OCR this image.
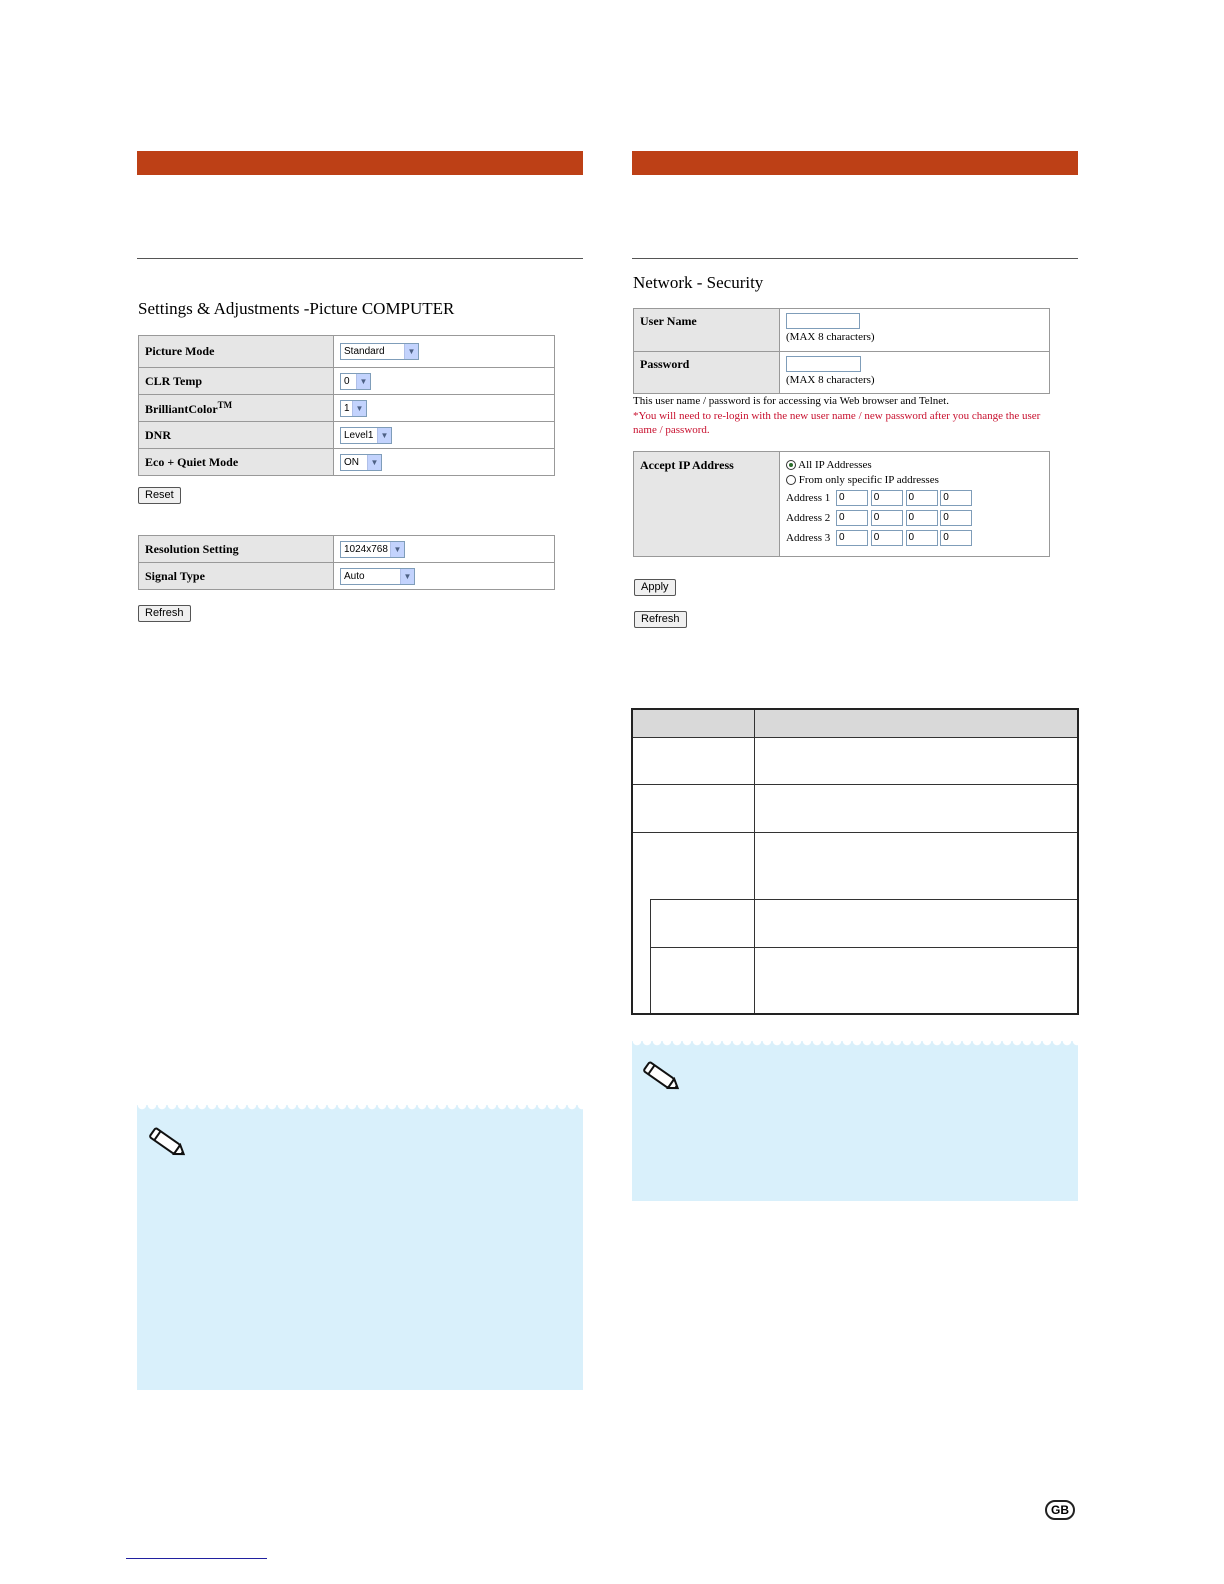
Settings & Adjustments -Picture COMPUTER
Picture Mode	Standard ▼

CLR Temp	0 ▼

BrilliantColor™	1 ▼

DNR	Level1 ▼

Eco + Quiet Mode	ON ▼
Reset
Resolution Setting	1024x768 ▼

Signal Type	Auto ▼
Refresh
Network - Security
User Name	(MAX 8 characters)
Password	(MAX 8 characters)
This user name / password is for accessing via Web browser and Telnet.
*You will need to re-login with the new user name / new password after you change the user name / password.
Accept IP Address	All IP Addresses
From only specific IP addresses
Address 1 0	0	0	0
Address 2 0	0	0	0
Address 3 0	0	0	0
Apply
Refresh
GB
